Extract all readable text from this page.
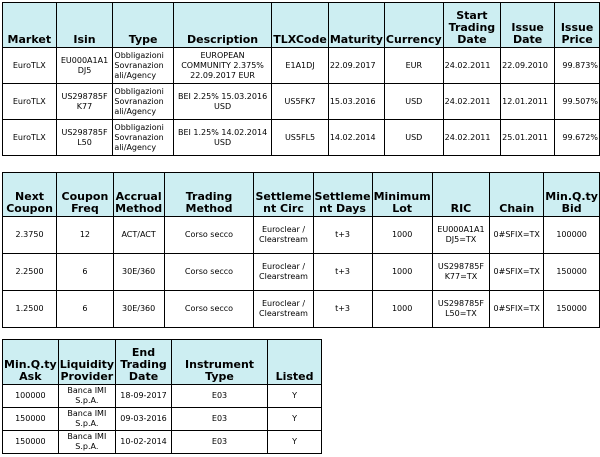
Market	Isin	Type	Description	TLXCode	Maturity	Currency	Start Trading Date	Issue Date	Issue Price
EuroTLX	EU000A1A1 DJ5	Obbligazioni Sovranazion ali/Agency	EUROPEAN COMMUNITY 2.375% 22.09.2017 EUR	E1A1DJ	22.09.2017	EUR	24.02.2011	22.09.2010	99.873%
EuroTLX	US298785F K77	Obbligazioni Sovranazion ali/Agency	BEI 2.25% 15.03.2016 USD	US5FK7	15.03.2016	USD	24.02.2011	12.01.2011	99.507%
EuroTLX	US298785F L50	Obbligazioni Sovranazion ali/Agency	BEI 1.25% 14.02.2014 USD	US5FL5	14.02.2014	USD	24.02.2011	25.01.2011	99.672%
Next Coupon	Coupon Freq	Accrual Method	Trading Method	Settleme nt Circ	Settleme nt Days	Minimum Lot	RIC	Chain	Min.Q.ty Bid
2.3750	12	ACT/ACT	Corso secco	Euroclear / Clearstream	t+3	1000	EU000A1A1 DJ5=TX	0#SFIX=TX	100000
2.2500	6	30E/360	Corso secco	Euroclear / Clearstream	t+3	1000	US298785F K77=TX	0#SFIX=TX	150000
1.2500	6	30E/360	Corso secco	Euroclear / Clearstream	t+3	1000	US298785F L50=TX	0#SFIX=TX	150000
Min.Q.ty Ask	Liquidity Provider	End Trading Date	Instrument Type	Listed
100000	Banca IMI S.p.A.	18-09-2017	E03	Y
150000	Banca IMI S.p.A.	09-03-2016	E03	Y
150000	Banca IMI S.p.A.	10-02-2014	E03	Y
